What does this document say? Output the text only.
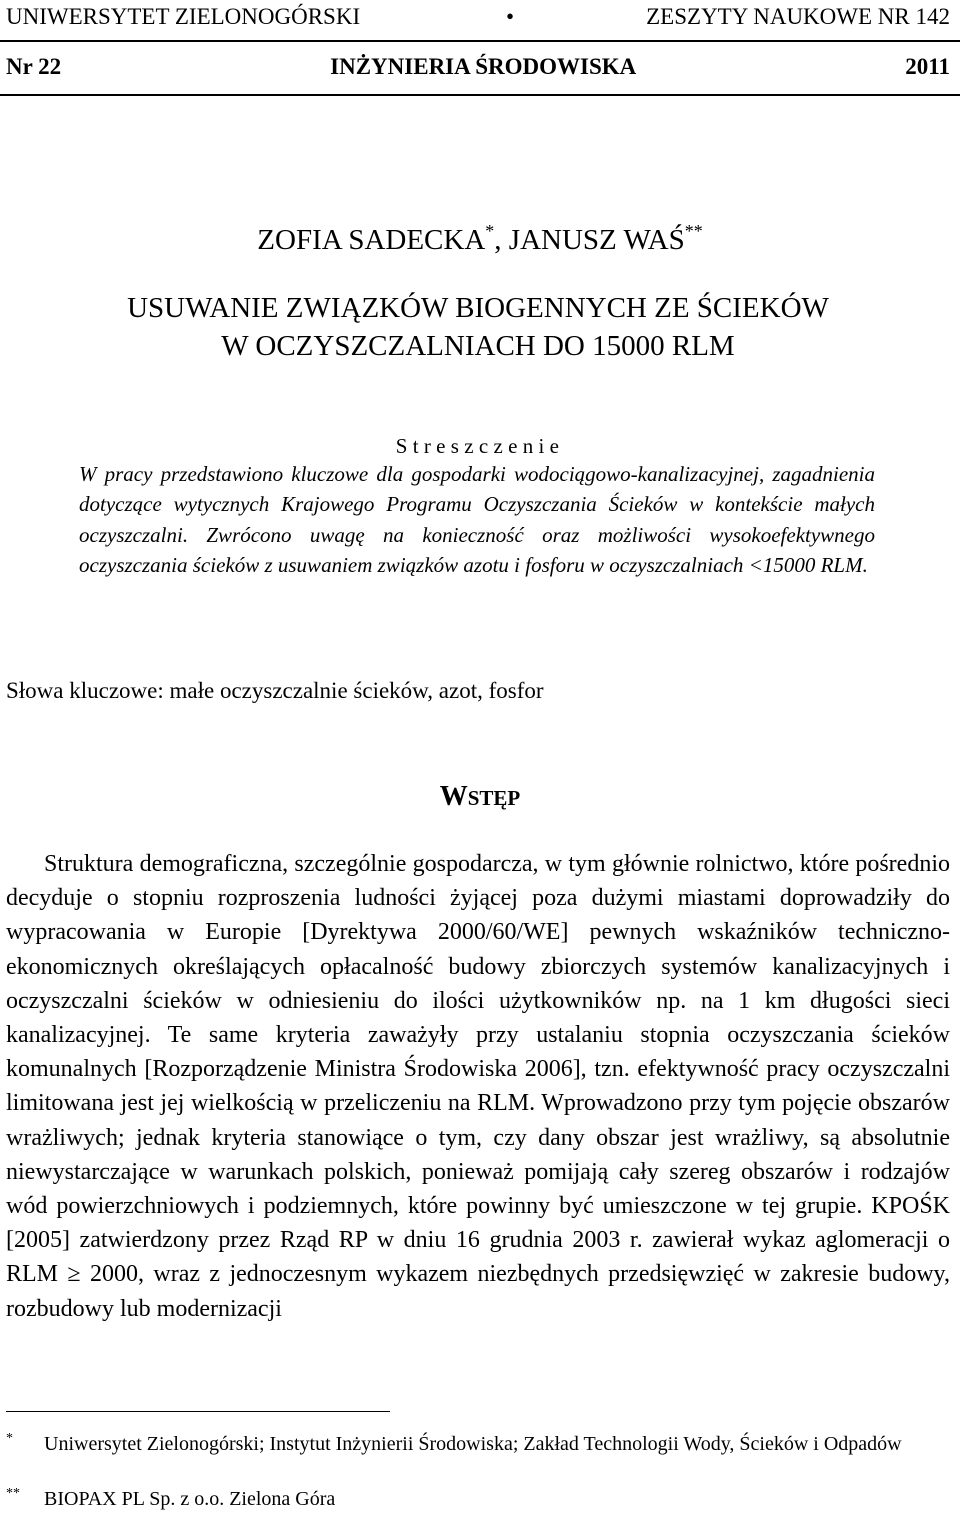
UNIWERSYTET ZIELONOGÓRSKI	•	ZESZYTY NAUKOWE NR 142
Nr 22	INŻYNIERIA ŚRODOWISKA	2011
ZOFIA SADECKA*, JANUSZ WAŚ**
USUWANIE ZWIĄZKÓW BIOGENNYCH ZE ŚCIEKÓW
W OCZYSZCZALNIACH DO 15000 RLM
Streszczenie
W pracy przedstawiono kluczowe dla gospodarki wodociągowo-kanalizacyjnej, zagadnienia dotyczące wytycznych Krajowego Programu Oczyszczania Ścieków w kontekście małych oczyszczalni. Zwrócono uwagę na konieczność oraz możliwości wysokoefektywnego oczyszczania ścieków z usuwaniem związków azotu i fosforu w oczyszczalniach <15000 RLM.
Słowa kluczowe: małe oczyszczalnie ścieków, azot, fosfor
WSTĘP
Struktura demograficzna, szczególnie gospodarcza, w tym głównie rolnictwo, które pośrednio decyduje o stopniu rozproszenia ludności żyjącej poza dużymi miastami doprowadziły do wypracowania w Europie [Dyrektywa 2000/60/WE] pewnych wskaźników techniczno-ekonomicznych określających opłacalność budowy zbiorczych systemów kanalizacyjnych i oczyszczalni ścieków w odniesieniu do ilości użytkowników np. na 1 km długości sieci kanalizacyjnej. Te same kryteria zaważyły przy ustalaniu stopnia oczyszczania ścieków komunalnych [Rozporządzenie Ministra Środowiska 2006], tzn. efektywność pracy oczyszczalni limitowana jest jej wielkością w przeliczeniu na RLM. Wprowadzono przy tym pojęcie obszarów wrażliwych; jednak kryteria stanowiące o tym, czy dany obszar jest wrażliwy, są absolutnie niewystarczające w warunkach polskich, ponieważ pomijają cały szereg obszarów i rodzajów wód powierzchniowych i podziemnych, które powinny być umieszczone w tej grupie. KPOŚK [2005] zatwierdzony przez Rząd RP w dniu 16 grudnia 2003 r. zawierał wykaz aglomeracji o RLM ≥ 2000, wraz z jednoczesnym wykazem niezbędnych przedsięwzięć w zakresie budowy, rozbudowy lub modernizacji
* Uniwersytet Zielonogórski; Instytut Inżynierii Środowiska; Zakład Technologii Wody, Ścieków i Odpadów
** BIOPAX PL Sp. z o.o. Zielona Góra
